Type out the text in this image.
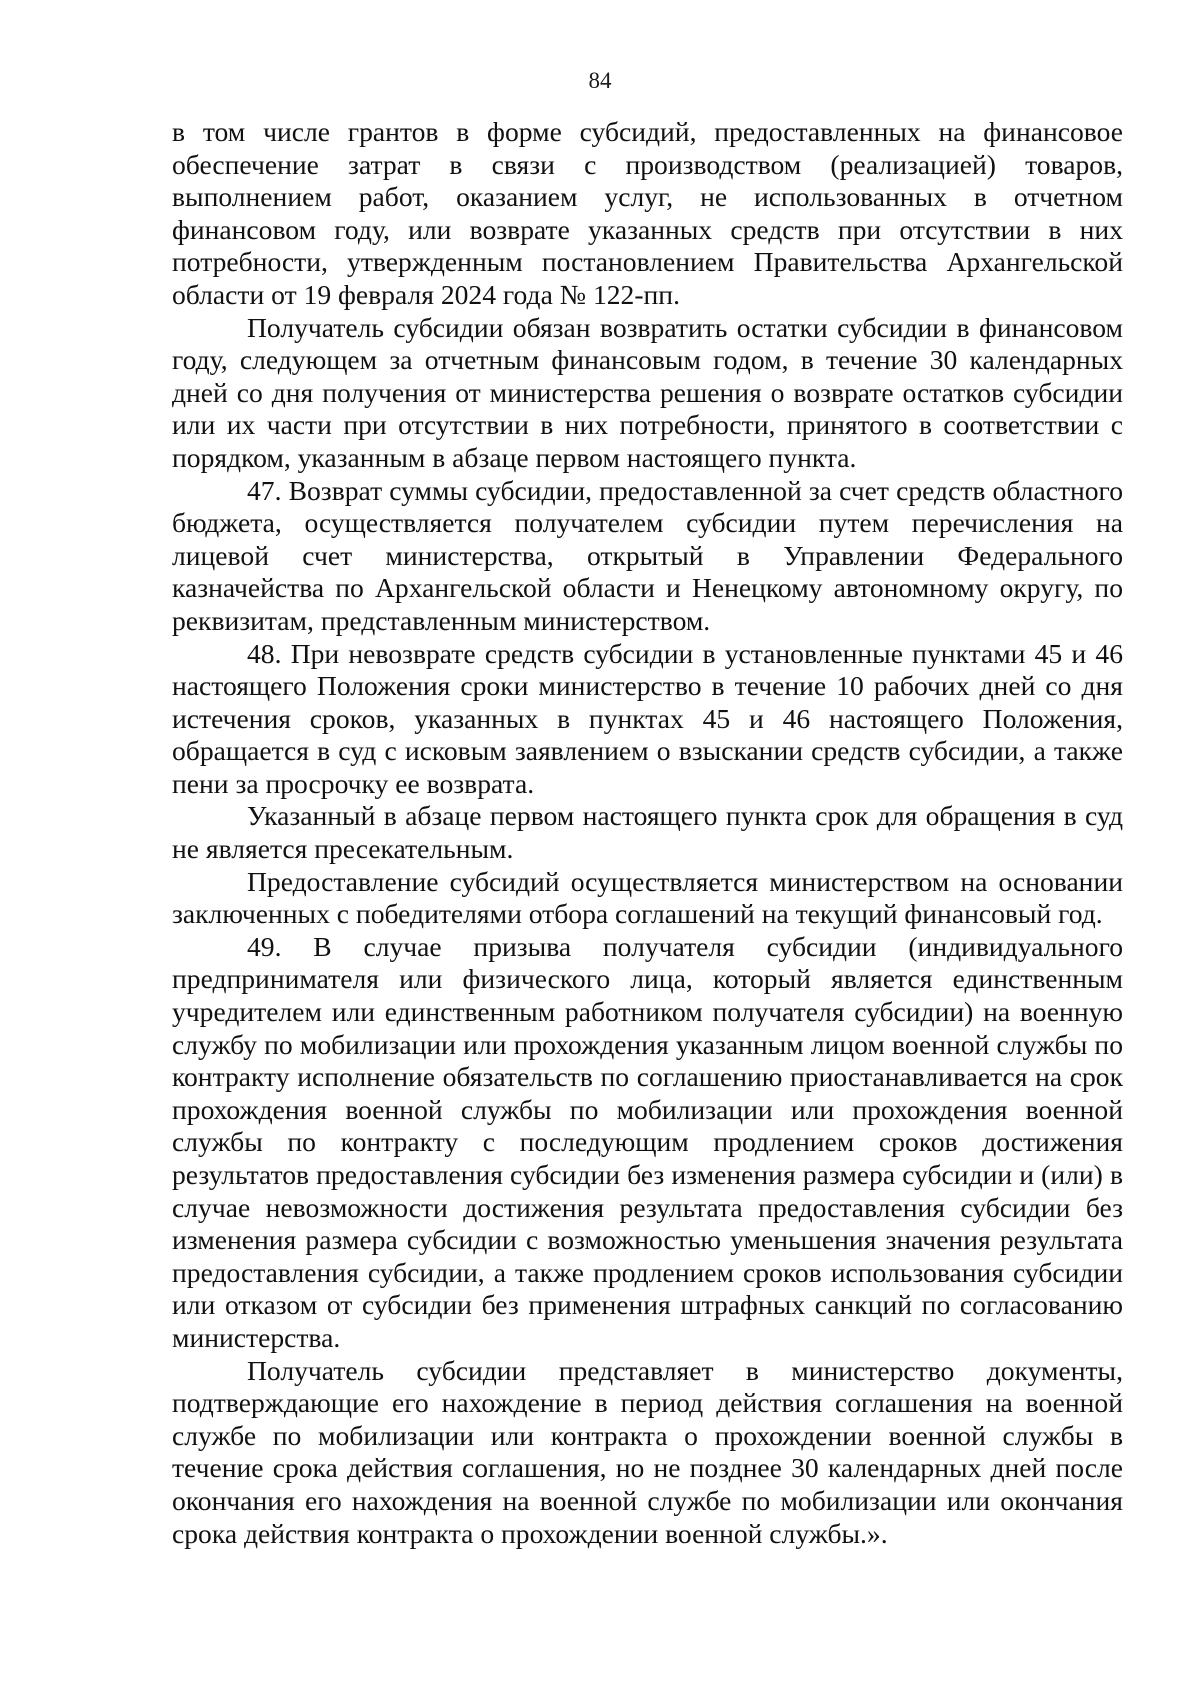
84

в том числе грантов в форме субсидий, предоставленных на финансовое обеспечение затрат в связи с производством (реализацией) товаров, выполнением работ, оказанием услуг, не использованных в отчетном финансовом году, или возврате указанных средств при отсутствии в них потребности, утвержденным постановлением Правительства Архангельской области от 19 февраля 2024 года № 122-пп.

Получатель субсидии обязан возвратить остатки субсидии в финансовом году, следующем за отчетным финансовым годом, в течение 30 календарных дней со дня получения от министерства решения о возврате остатков субсидии или их части при отсутствии в них потребности, принятого в соответствии с порядком, указанным в абзаце первом настоящего пункта.

47. Возврат суммы субсидии, предоставленной за счет средств областного бюджета, осуществляется получателем субсидии путем перечисления на лицевой счет министерства, открытый в Управлении Федерального казначейства по Архангельской области и Ненецкому автономному округу, по реквизитам, представленным министерством.

48. При невозврате средств субсидии в установленные пунктами 45 и 46 настоящего Положения сроки министерство в течение 10 рабочих дней со дня истечения сроков, указанных в пунктах 45 и 46 настоящего Положения, обращается в суд с исковым заявлением о взыскании средств субсидии, а также пени за просрочку ее возврата.

Указанный в абзаце первом настоящего пункта срок для обращения в суд не является пресекательным.

Предоставление субсидий осуществляется министерством на основании заключенных с победителями отбора соглашений на текущий финансовый год.

49. В случае призыва получателя субсидии (индивидуального предпринимателя или физического лица, который является единственным учредителем или единственным работником получателя субсидии) на военную службу по мобилизации или прохождения указанным лицом военной службы по контракту исполнение обязательств по соглашению приостанавливается на срок прохождения военной службы по мобилизации или прохождения военной службы по контракту с последующим продлением сроков достижения результатов предоставления субсидии без изменения размера субсидии и (или) в случае невозможности достижения результата предоставления субсидии без изменения размера субсидии с возможностью уменьшения значения результата предоставления субсидии, а также продлением сроков использования субсидии или отказом от субсидии без применения штрафных санкций по согласованию министерства.

Получатель субсидии представляет в министерство документы, подтверждающие его нахождение в период действия соглашения на военной службе по мобилизации или контракта о прохождении военной службы в течение срока действия соглашения, но не позднее 30 календарных дней после окончания его нахождения на военной службе по мобилизации или окончания срока действия контракта о прохождении военной службы.».
